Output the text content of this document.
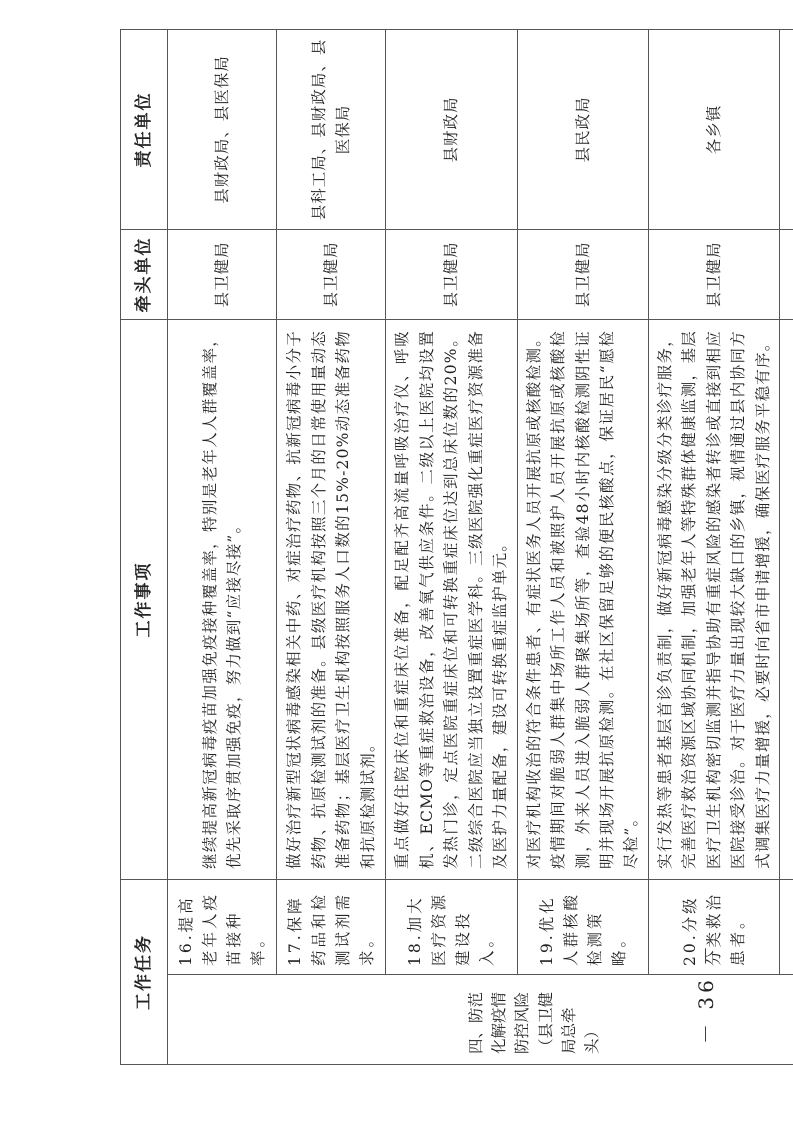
工作任务		工作事项	牵头单位	责任单位
四、防范化解疫情防控风险（县卫健局总牵头）	16.提高老年人疫苗接种率。	继续提高新冠病毒疫苗加强免疫接种覆盖率，特别是老年人人群覆盖率，优先采取序贯加强免疫，努力做到“应接尽接”。	县卫健局	县财政局、县医保局
	17.保障药品和检测试剂需求。	做好治疗新型冠状病毒感染相关中药、对症治疗药物、抗新冠病毒小分子药物、抗原检测试剂的准备。县级医疗机构按照三个月的日常使用量动态准备药物；基层医疗卫生机构按照服务人口数的15%-20%动态准备药物和抗原检测试剂。	县卫健局	县科工局、县财政局、县医保局
	18.加大医疗资源建设投入。	重点做好住院床位和重症床位准备，配足配齐高流量呼吸治疗仪、呼吸机、ECMO等重症救治设备，改善氧气供应条件。二级以上医院均设置发热门诊，定点医院重症床位和可转换重症床位达到总床位数的20%。二级综合医院应当独立设置重症医学科。三级医院强化重症医疗资源准备及医护力量配备，建设可转换重症监护单元。	县卫健局	县财政局
	19.优化人群核酸检测策略。	对医疗机构收治的符合条件患者、有症状医务人员开展抗原或核酸检测。疫情期间对脆弱人群集中场所工作人员和被照护人员开展抗原或核酸检测，外来人员进入脆弱人群聚集场所等，查验48小时内核酸检测阴性证明并现场开展抗原检测。在社区保留足够的便民核酸点，保证居民“愿检尽检”。	县卫健局	县民政局
	20.分级分类救治患者。	实行发热等患者基层首诊负责制，做好新冠病毒感染分级分类诊疗服务，完善医疗救治资源区域协同机制，加强老年人等特殊群体健康监测，基层医疗卫生机构密切监测并指导协助有重症风险的感染者转诊或直接到相应医院接受诊治。对于医疗力量出现较大缺口的乡镇，视情通过县内协同方式调集医疗力量增援，必要时向省市申请增援，确保医疗服务平稳有序。	县卫健局	各乡镇

－ 36 －
